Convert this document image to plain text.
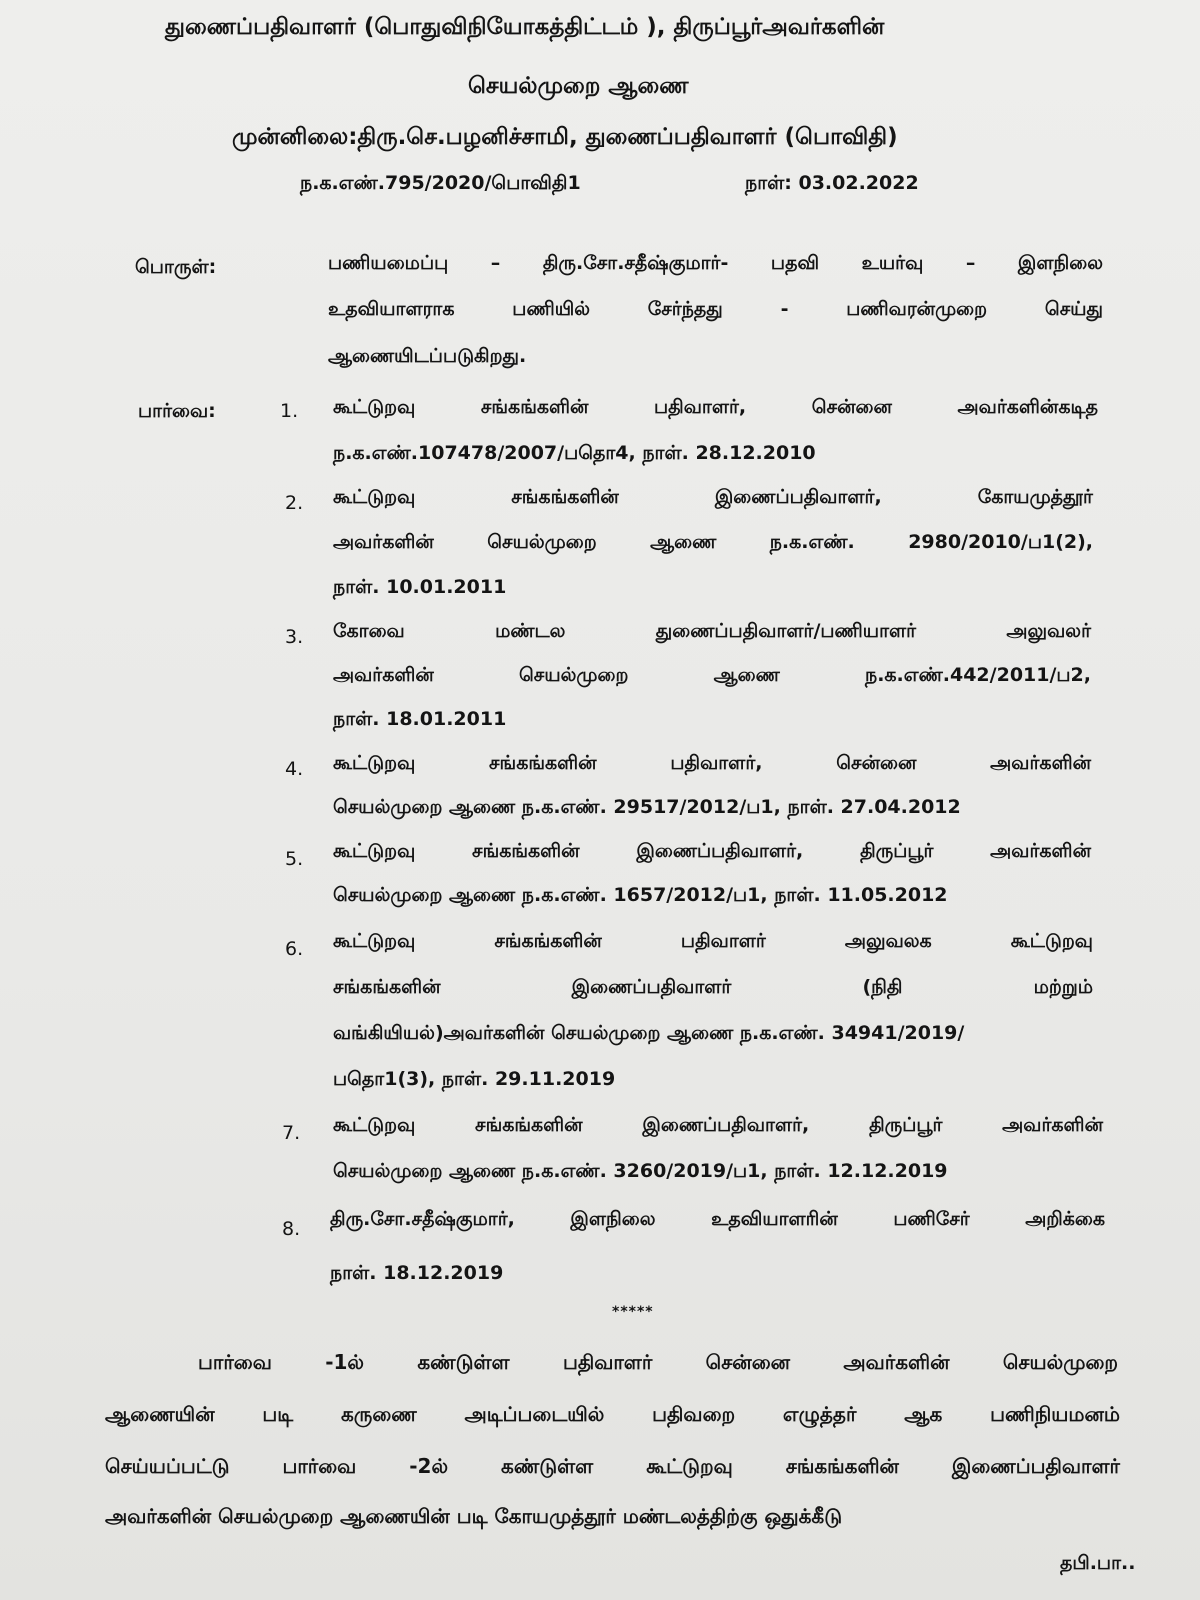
துணைப்பதிவாளர் (பொதுவிநியோகத்திட்டம் ), திருப்பூர்அவர்களின்
செயல்முறை ஆணை
முன்னிலை:திரு.செ.பழனிச்சாமி, துணைப்பதிவாளர் (பொவிதி)
ந.க.எண்.795/2020/பொவிதி1	நாள்: 03.02.2022
பொருள்:	பணியமைப்பு – திரு.சோ.சதீஷ்குமார்- பதவி உயர்வு – இளநிலை
உதவியாளராக பணியில் சேர்ந்தது - பணிவரன்முறை செய்து
ஆணையிடப்படுகிறது.
பார்வை:	1. கூட்டுறவு சங்கங்களின் பதிவாளர், சென்னை அவர்களின்கடித
ந.க.எண்.107478/2007/பதொ4, நாள். 28.12.2010
2. கூட்டுறவு சங்கங்களின் இணைப்பதிவாளர், கோயமுத்தூர்
அவர்களின் செயல்முறை ஆணை ந.க.எண். 2980/2010/ப1(2),
நாள். 10.01.2011
3. கோவை மண்டல துணைப்பதிவாளர்/பணியாளர் அலுவலர்
அவர்களின் செயல்முறை ஆணை ந.க.எண்.442/2011/ப2,
நாள். 18.01.2011
4. கூட்டுறவு சங்கங்களின் பதிவாளர், சென்னை அவர்களின்
செயல்முறை ஆணை ந.க.எண். 29517/2012/ப1, நாள். 27.04.2012
5. கூட்டுறவு சங்கங்களின் இணைப்பதிவாளர், திருப்பூர் அவர்களின்
செயல்முறை ஆணை ந.க.எண். 1657/2012/ப1, நாள். 11.05.2012
6. கூட்டுறவு சங்கங்களின் பதிவாளர் அலுவலக கூட்டுறவு
சங்கங்களின் இணைப்பதிவாளர் (நிதி மற்றும்
வங்கியியல்)அவர்களின் செயல்முறை ஆணை ந.க.எண். 34941/2019/
பதொ1(3), நாள். 29.11.2019
7. கூட்டுறவு சங்கங்களின் இணைப்பதிவாளர், திருப்பூர் அவர்களின்
செயல்முறை ஆணை ந.க.எண். 3260/2019/ப1, நாள். 12.12.2019
8. திரு.சோ.சதீஷ்குமார், இளநிலை உதவியாளரின் பணிசேர் அறிக்கை
நாள். 18.12.2019
*****
பார்வை -1ல் கண்டுள்ள பதிவாளர் சென்னை அவர்களின் செயல்முறை
ஆணையின் படி கருணை அடிப்படையில் பதிவறை எழுத்தர் ஆக பணிநியமனம்
செய்யப்பட்டு பார்வை -2ல் கண்டுள்ள கூட்டுறவு சங்கங்களின் இணைப்பதிவாளர்
அவர்களின் செயல்முறை ஆணையின் படி கோயமுத்தூர் மண்டலத்திற்கு ஒதுக்கீடு
தபி.பா..
